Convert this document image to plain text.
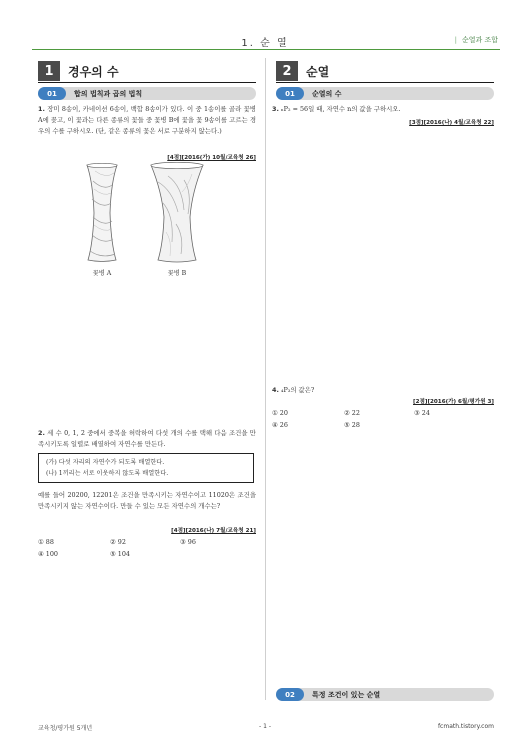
1. 순 열	| 순열과 조합
1	경우의 수
01	합의 법칙과 곱의 법칙
1. 장미 8송이, 카네이션 6송이, 백합 8송이가 있다. 이 중 1송이를 골라 꽃병 A에 꽂고, 이 꽃과는 다른 종류의 꽃들 중 꽃병 B에 꽃을 꽃 9송이를 고르는 경우의 수를 구하시오. (단, 같은 종류의 꽃은 서로 구분하지 않는다.)
[4점][2016(가) 10월/교육청 26]
꽃병 A	꽃병 B
2. 세 수 0, 1, 2 중에서 중복을 허락하여 다섯 개의 수를 택해 다음 조건을 만족시키도록 일렬로 배열하여 자연수를 만든다.
(가) 다섯 자리의 자연수가 되도록 배열한다.
(나) 1끼리는 서로 이웃하지 않도록 배열한다.
예를 들어 20200, 12201은 조건을 만족시키는 자연수이고 11020은 조건을 만족시키지 않는 자연수이다. 만들 수 있는 모든 자연수의 개수는?
[4점][2016(나) 7월/교육청 21]
① 88	② 92	③ 96
④ 100	⑤ 104
2	순열
01	순열의 수
3. ₙP₂ = 56일 때, 자연수 n의 값을 구하시오.
[3점][2016(나) 4월/교육청 22]
4. ₄P₃의 값은?
[2점][2016(가) 6월/평가원 3]
① 20	② 22	③ 24
④ 26	⑤ 28
02	특정 조건이 있는 순열
교육청/평가원 5개년	- 1 -	fcmath.tistory.com
